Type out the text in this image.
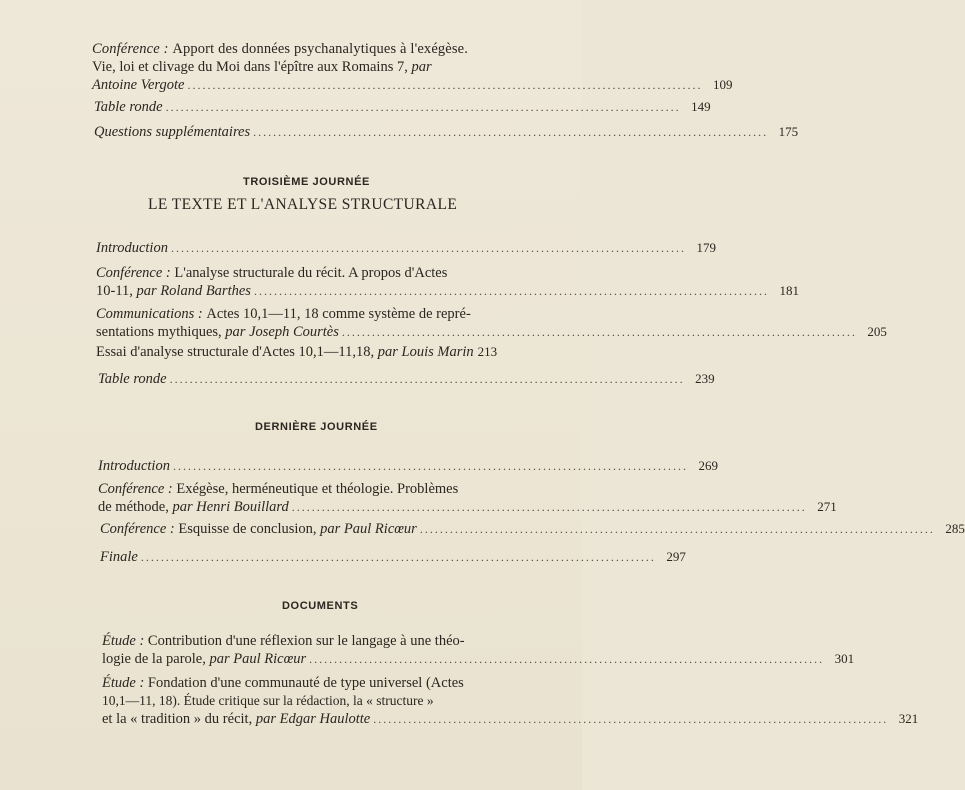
Conférence :
Apport des données psychanalytiques à l'exégèse.
Vie, loi et clivage du Moi dans l'épître aux Romains 7,
par
Antoine Vergote ....................................................................................................... 109
Table ronde ....................................................................................................... 149
Questions supplémentaires ....................................................................................................... 175
TROISIÈME JOURNÉE
LE TEXTE ET L'ANALYSE STRUCTURALE
Introduction ....................................................................................................... 179
Conférence :
L'analyse structurale du récit. A propos d'Actes
10-11,
par Roland Barthes ....................................................................................................... 181
Communications :
Actes 10,1—11, 18 comme système de repré-
sentations mythiques,
par Joseph Courtès ....................................................................................................... 205
Essai d'analyse structurale d'Actes 10,1—11,18,
par Louis Marin 213
Table ronde ....................................................................................................... 239
DERNIÈRE JOURNÉE
Introduction ....................................................................................................... 269
Conférence :
Exégèse, herméneutique et théologie. Problèmes
de méthode,
par Henri Bouillard ....................................................................................................... 271
Conférence :
Esquisse de conclusion,
par Paul Ricœur ....................................................................................................... 285
Finale ....................................................................................................... 297
DOCUMENTS
Étude :
Contribution d'une réflexion sur le langage à une théo-
logie de la parole,
par Paul Ricœur ....................................................................................................... 301
Étude :
Fondation d'une communauté de type universel (Actes
10,1—11, 18). Étude critique sur la rédaction, la « structure »
et la « tradition » du récit,
par Edgar Haulotte ....................................................................................................... 321
